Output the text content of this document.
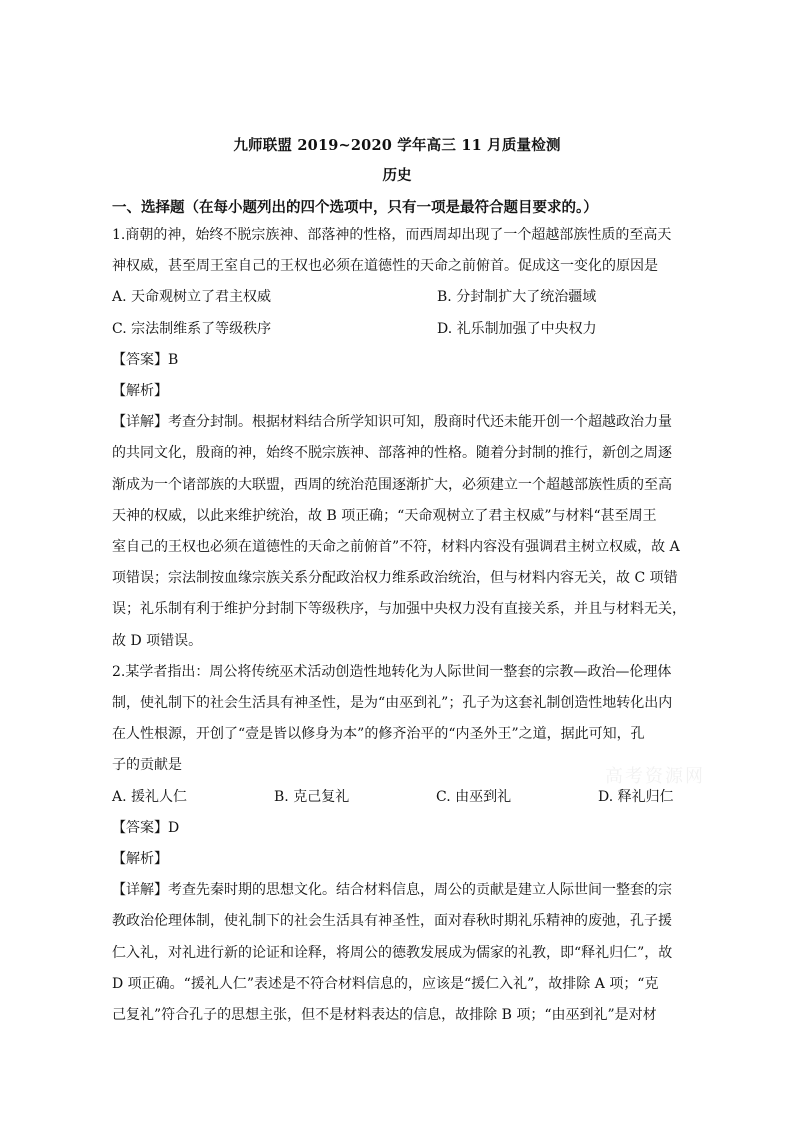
九师联盟 2019~2020 学年高三 11 月质量检测
历史
一、选择题（在每小题列出的四个选项中，只有一项是最符合题目要求的。）

1.商朝的神，始终不脱宗族神、部落神的性格，而西周却出现了一个超越部族性质的至高天

神权威，甚至周王室自己的王权也必须在道德性的天命之前俯首。促成这一变化的原因是

A. 天命观树立了君主权威	B. 分封制扩大了统治疆域
C. 宗法制维系了等级秩序	D. 礼乐制加强了中央权力

【答案】B

【解析】

【详解】考查分封制。根据材料结合所学知识可知，殷商时代还未能开创一个超越政治力量

的共同文化，殷商的神，始终不脱宗族神、部落神的性格。随着分封制的推行，新创之周逐

渐成为一个诸部族的大联盟，西周的统治范围逐渐扩大，必须建立一个超越部族性质的至高

天神的权威，以此来维护统治，故 B 项正确；“天命观树立了君主权威”与材料“甚至周王

室自己的王权也必须在道德性的天命之前俯首”不符，材料内容没有强调君主树立权威，故 A

项错误；宗法制按血缘宗族关系分配政治权力维系政治统治，但与材料内容无关，故 C 项错

误；礼乐制有利于维护分封制下等级秩序，与加强中央权力没有直接关系，并且与材料无关，

故 D 项错误。

2.某学者指出：周公将传统巫术活动创造性地转化为人际世间一整套的宗教—政治—伦理体

制，使礼制下的社会生活具有神圣性，是为“由巫到礼”；孔子为这套礼制创造性地转化出内

在人性根源，开创了“壹是皆以修身为本”的修齐治平的“内圣外王”之道，据此可知，孔

子的贡献是

A. 援礼人仁	B. 克己复礼	C. 由巫到礼	D. 释礼归仁

【答案】D

【解析】

【详解】考查先秦时期的思想文化。结合材料信息，周公的贡献是建立人际世间一整套的宗

教政治伦理体制，使礼制下的社会生活具有神圣性，面对春秋时期礼乐精神的废弛，孔子援

仁入礼，对礼进行新的论证和诠释，将周公的德教发展成为儒家的礼教，即“释礼归仁”，故

D 项正确。“援礼人仁”表述是不符合材料信息的，应该是“援仁入礼”，故排除 A 项；“克

己复礼”符合孔子的思想主张，但不是材料表达的信息，故排除 B 项；“由巫到礼”是对材

高考资源网
